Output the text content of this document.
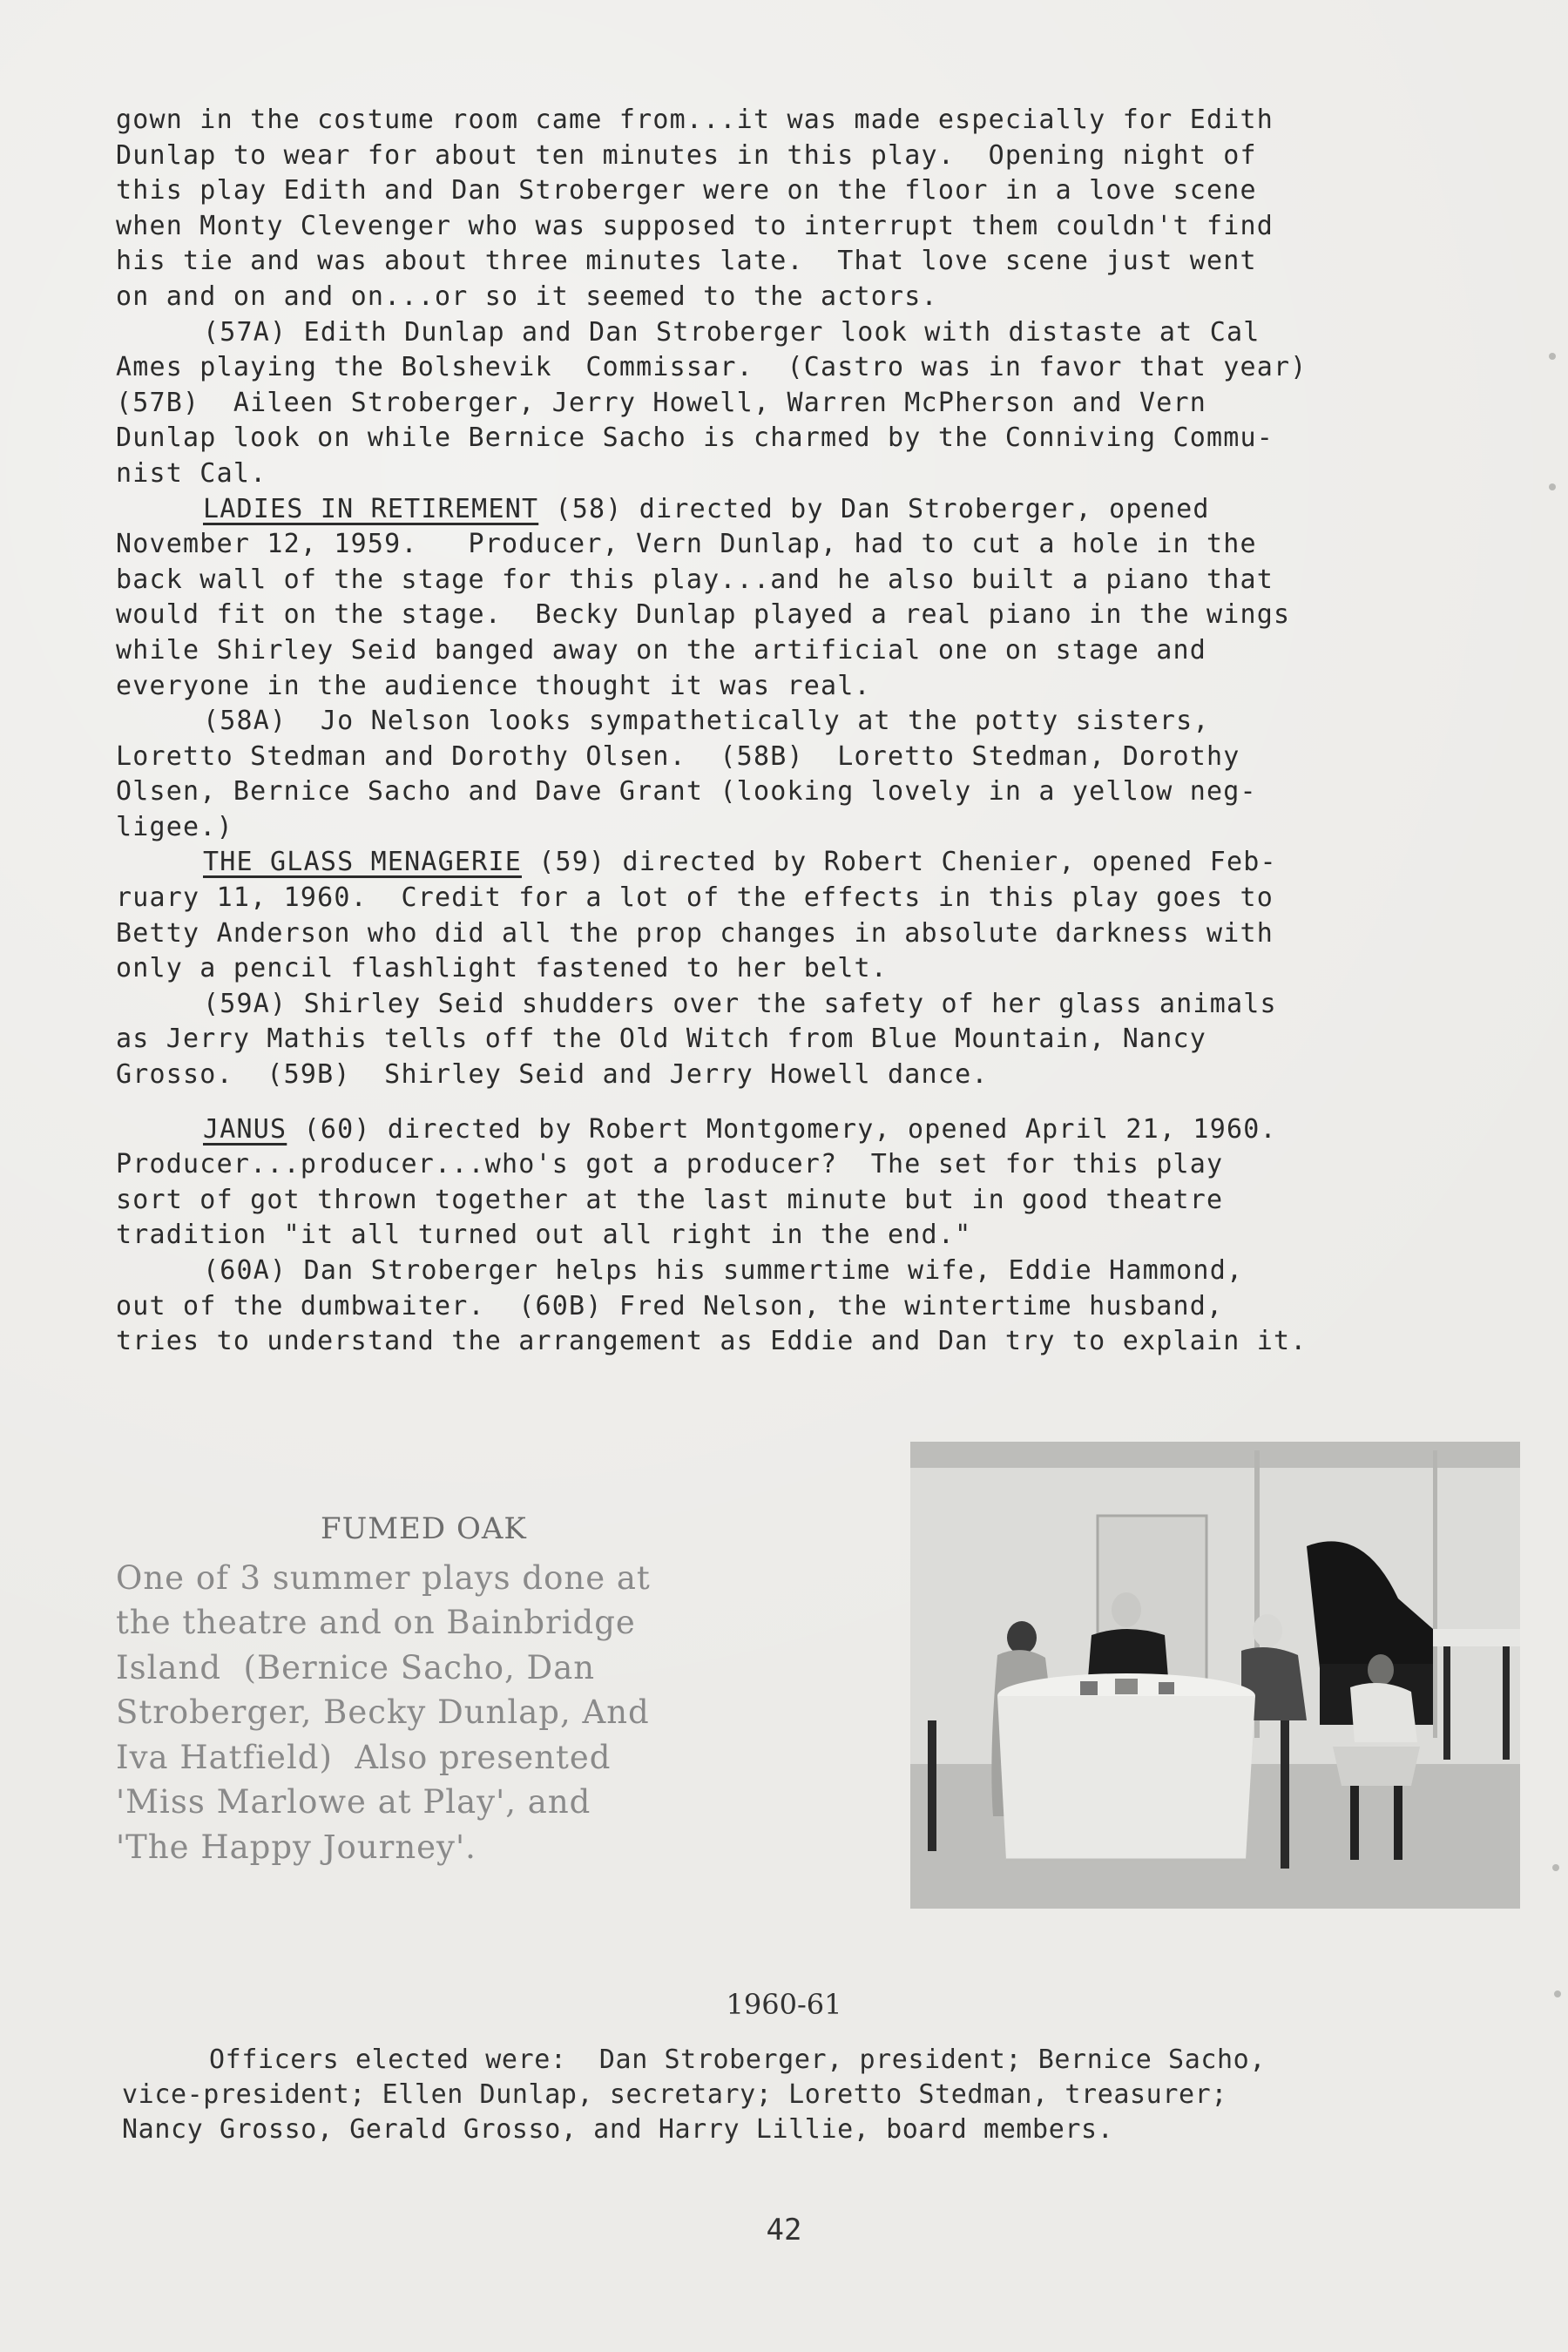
gown in the costume room came from...it was made especially for Edith
Dunlap to wear for about ten minutes in this play.  Opening night of
this play Edith and Dan Stroberger were on the floor in a love scene
when Monty Clevenger who was supposed to interrupt them couldn't find
his tie and was about three minutes late.  That love scene just went
on and on and on...or so it seemed to the actors.
(57A) Edith Dunlap and Dan Stroberger look with distaste at Cal
Ames playing the Bolshevik  Commissar.  (Castro was in favor that year)
(57B)  Aileen Stroberger, Jerry Howell, Warren McPherson and Vern
Dunlap look on while Bernice Sacho is charmed by the Conniving Commu-
nist Cal.
LADIES IN RETIREMENT (58) directed by Dan Stroberger, opened
November 12, 1959.   Producer, Vern Dunlap, had to cut a hole in the
back wall of the stage for this play...and he also built a piano that
would fit on the stage.  Becky Dunlap played a real piano in the wings
while Shirley Seid banged away on the artificial one on stage and
everyone in the audience thought it was real.
(58A)  Jo Nelson looks sympathetically at the potty sisters,
Loretto Stedman and Dorothy Olsen.  (58B)  Loretto Stedman, Dorothy
Olsen, Bernice Sacho and Dave Grant (looking lovely in a yellow neg-
ligee.)
THE GLASS MENAGERIE (59) directed by Robert Chenier, opened Feb-
ruary 11, 1960.  Credit for a lot of the effects in this play goes to
Betty Anderson who did all the prop changes in absolute darkness with
only a pencil flashlight fastened to her belt.
(59A) Shirley Seid shudders over the safety of her glass animals
as Jerry Mathis tells off the Old Witch from Blue Mountain, Nancy
Grosso.  (59B)  Shirley Seid and Jerry Howell dance.
JANUS (60) directed by Robert Montgomery, opened April 21, 1960.
Producer...producer...who's got a producer?  The set for this play
sort of got thrown together at the last minute but in good theatre
tradition "it all turned out all right in the end."
(60A) Dan Stroberger helps his summertime wife, Eddie Hammond,
out of the dumbwaiter.  (60B) Fred Nelson, the wintertime husband,
tries to understand the arrangement as Eddie and Dan try to explain it.
FUMED OAK
One of 3 summer plays done at
the theatre and on Bainbridge
Island  (Bernice Sacho, Dan
Stroberger, Becky Dunlap, And
Iva Hatfield)  Also presented
'Miss Marlowe at Play', and
'The Happy Journey'.
1960-61
Officers elected were:  Dan Stroberger, president; Bernice Sacho,
vice-president; Ellen Dunlap, secretary; Loretto Stedman, treasurer;
Nancy Grosso, Gerald Grosso, and Harry Lillie, board members.
42
